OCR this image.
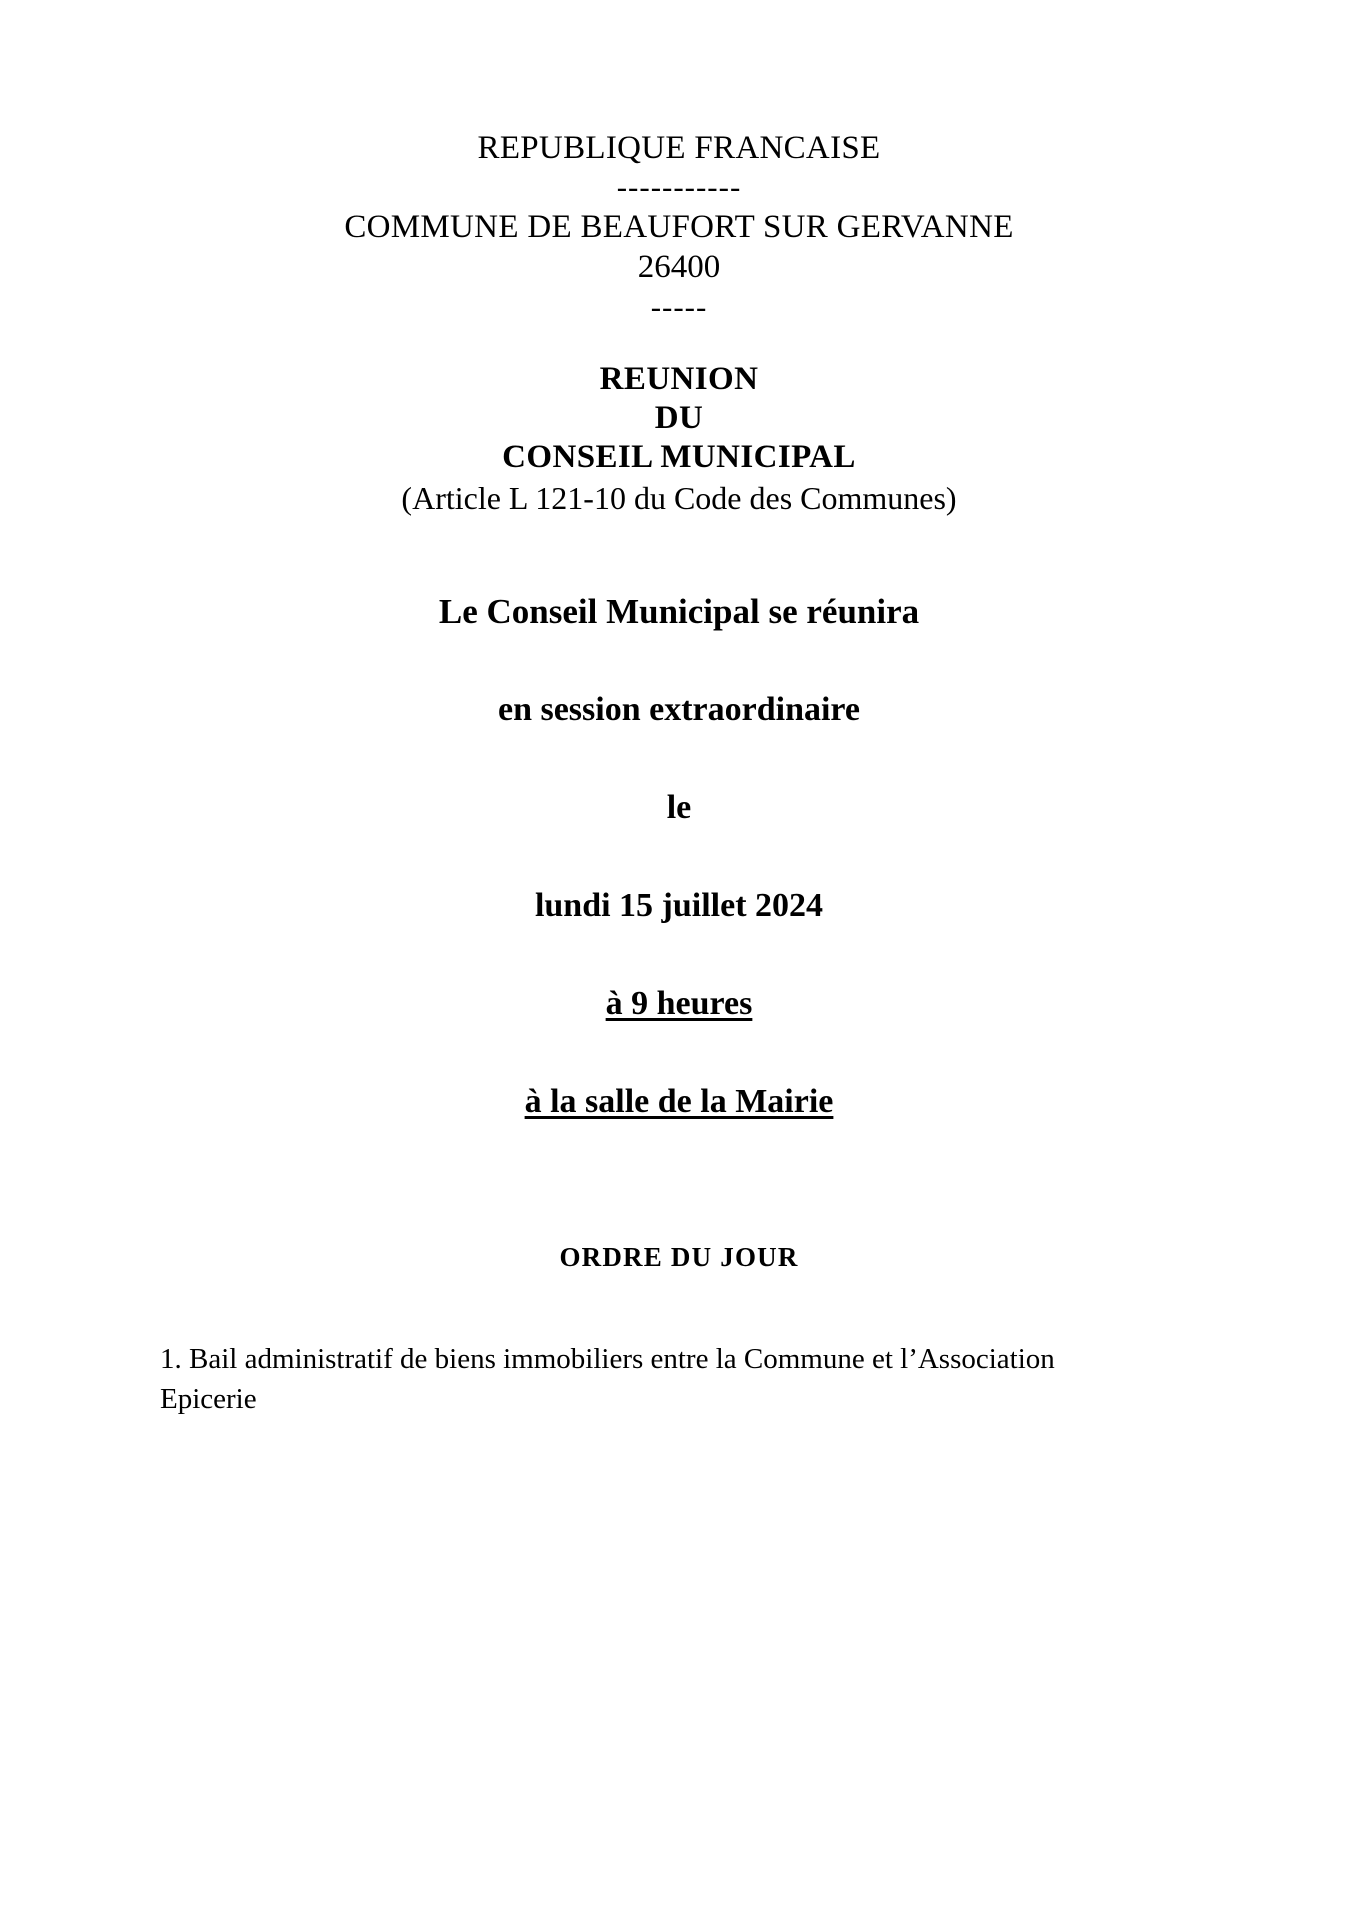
REPUBLIQUE FRANCAISE
-----------
COMMUNE DE BEAUFORT SUR GERVANNE
26400
-----
REUNION
DU
CONSEIL MUNICIPAL
(Article L 121-10 du Code des Communes)

Le Conseil Municipal se réunira

en session extraordinaire

le

lundi 15 juillet 2024

à 9 heures

à la salle de la Mairie

ORDRE DU JOUR

1. Bail administratif de biens immobiliers entre la Commune et l’Association Epicerie
